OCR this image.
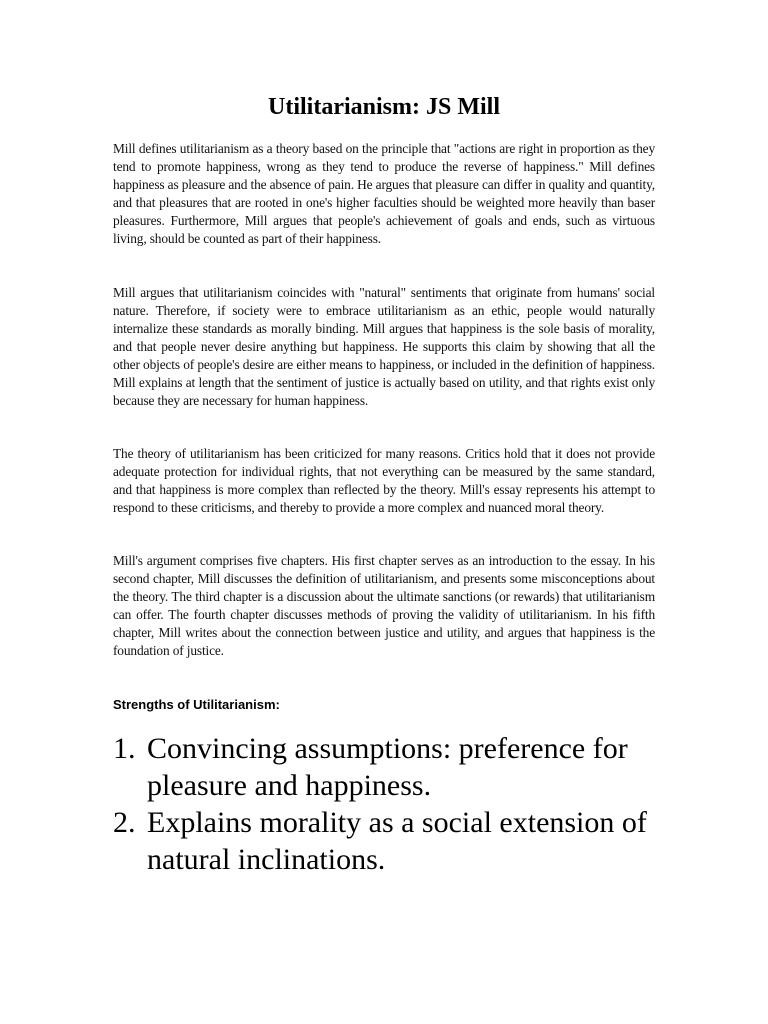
Utilitarianism: JS Mill

Mill defines utilitarianism as a theory based on the principle that "actions are right in proportion as they tend to promote happiness, wrong as they tend to produce the reverse of happiness." Mill defines happiness as pleasure and the absence of pain. He argues that pleasure can differ in quality and quantity, and that pleasures that are rooted in one's higher faculties should be weighted more heavily than baser pleasures. Furthermore, Mill argues that people's achievement of goals and ends, such as virtuous living, should be counted as part of their happiness.

Mill argues that utilitarianism coincides with "natural" sentiments that originate from humans' social nature. Therefore, if society were to embrace utilitarianism as an ethic, people would naturally internalize these standards as morally binding. Mill argues that happiness is the sole basis of morality, and that people never desire anything but happiness. He supports this claim by showing that all the other objects of people's desire are either means to happiness, or included in the definition of happiness. Mill explains at length that the sentiment of justice is actually based on utility, and that rights exist only because they are necessary for human happiness.

The theory of utilitarianism has been criticized for many reasons. Critics hold that it does not provide adequate protection for individual rights, that not everything can be measured by the same standard, and that happiness is more complex than reflected by the theory. Mill's essay represents his attempt to respond to these criticisms, and thereby to provide a more complex and nuanced moral theory.

Mill's argument comprises five chapters. His first chapter serves as an introduction to the essay. In his second chapter, Mill discusses the definition of utilitarianism, and presents some misconceptions about the theory. The third chapter is a discussion about the ultimate sanctions (or rewards) that utilitarianism can offer. The fourth chapter discusses methods of proving the validity of utilitarianism. In his fifth chapter, Mill writes about the connection between justice and utility, and argues that happiness is the foundation of justice.

Strengths of Utilitarianism:

1. Convincing assumptions: preference for pleasure and happiness.
2. Explains morality as a social extension of natural inclinations.
